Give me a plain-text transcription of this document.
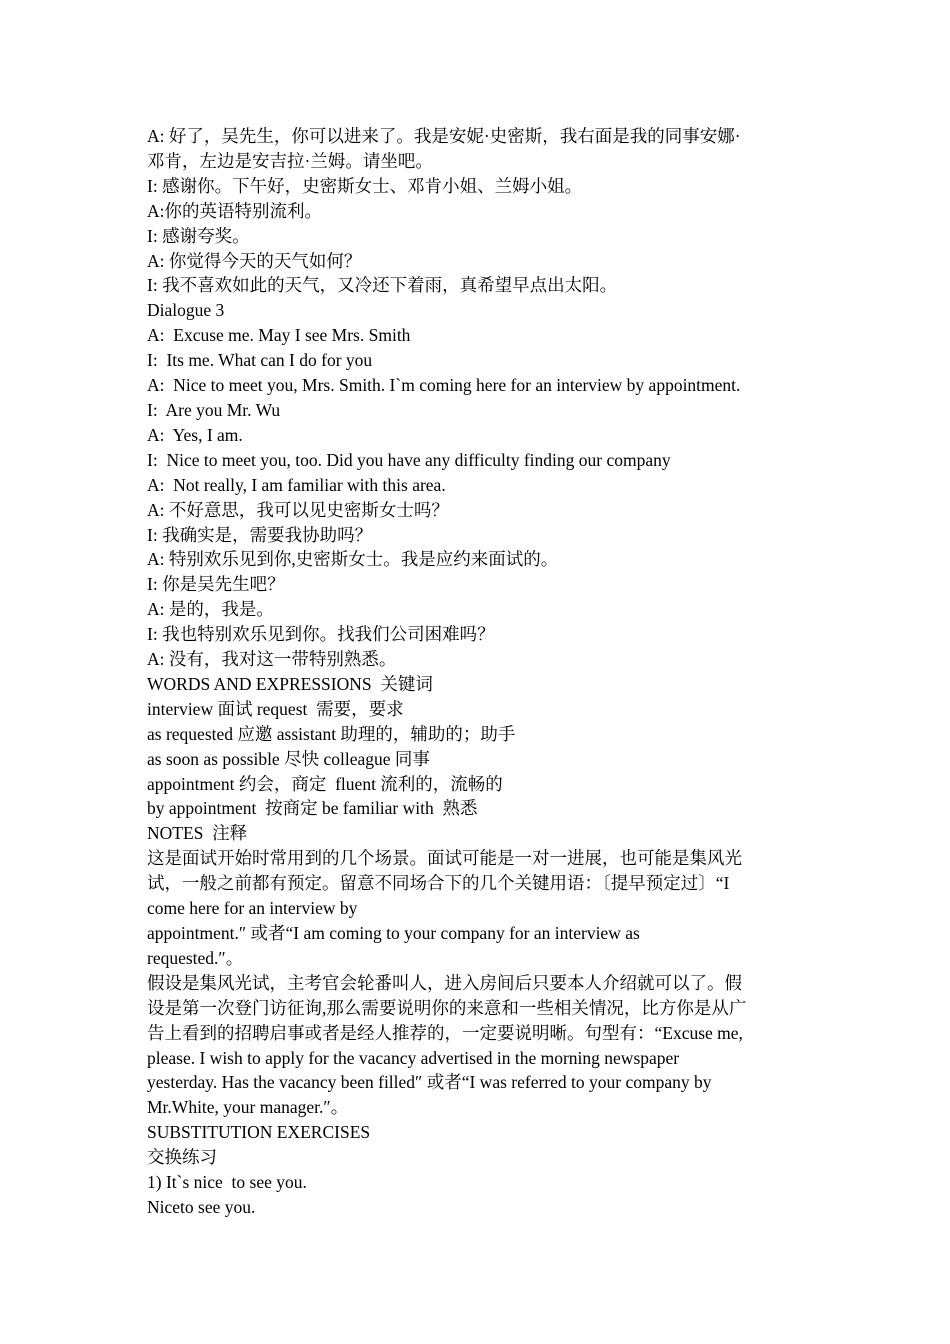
A: 好了，吴先生，你可以进来了。我是安妮·史密斯，我右面是我的同事安娜·

邓肯，左边是安吉拉·兰姆。请坐吧。

I: 感谢你。下午好，史密斯女士、邓肯小姐、兰姆小姐。

A:你的英语特别流利。

I: 感谢夸奖。

A: 你觉得今天的天气如何？

I: 我不喜欢如此的天气，又冷还下着雨，真希望早点出太阳。

Dialogue 3

A:  Excuse me. May I see Mrs. Smith

I:  Its me. What can I do for you

A:  Nice to meet you, Mrs. Smith. I`m coming here for an interview by appointment.

I:  Are you Mr. Wu

A:  Yes, I am.

I:  Nice to meet you, too. Did you have any difficulty finding our company

A:  Not really, I am familiar with this area.

A: 不好意思，我可以见史密斯女士吗？

I: 我确实是，需要我协助吗？

A: 特别欢乐见到你,史密斯女士。我是应约来面试的。

I: 你是吴先生吧？

A: 是的，我是。

I: 我也特别欢乐见到你。找我们公司困难吗？

A: 没有，我对这一带特别熟悉。

WORDS AND EXPRESSIONS  关键词

interview 面试 request  需要，要求

as requested 应邀 assistant 助理的，辅助的；助手

as soon as possible 尽快 colleague 同事

appointment 约会，商定  fluent 流利的，流畅的

by appointment  按商定 be familiar with  熟悉

NOTES  注释

这是面试开始时常用到的几个场景。面试可能是一对一进展，也可能是集风光

试，一般之前都有预定。留意不同场合下的几个关键用语：〔提早预定过〕“I

come here for an interview by

appointment.″ 或者“I am coming to your company for an interview as

requested.″。

假设是集风光试，主考官会轮番叫人，进入房间后只要本人介绍就可以了。假

设是第一次登门访征询,那么需要说明你的来意和一些相关情况，比方你是从广

告上看到的招聘启事或者是经人推荐的，一定要说明晰。句型有：“Excuse me,

please. I wish to apply for the vacancy advertised in the morning newspaper

yesterday. Has the vacancy been filled″ 或者“I was referred to your company by

Mr.White, your manager.″。

SUBSTITUTION EXERCISES

交换练习

1) It`s nice  to see you.

Niceto see you.
